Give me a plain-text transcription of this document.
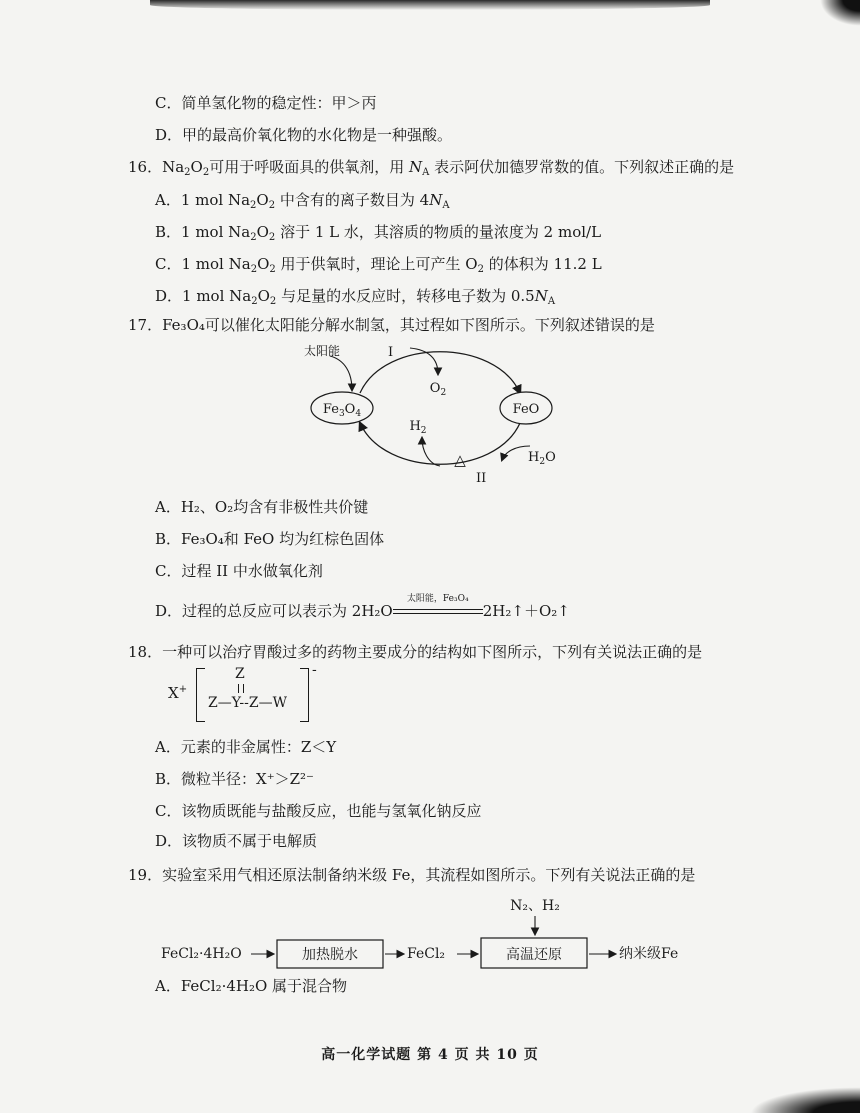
C．简单氢化物的稳定性：甲＞丙
D．甲的最高价氧化物的水化物是一种强酸。
16．$Na_2O_2$可用于呼吸面具的供氧剂，用 $N_A$ 表示阿伏加德罗常数的值。下列叙述正确的是
A．1 mol $Na_2O_2$ 中含有的离子数目为 $4N_A$
B．1 mol $Na_2O_2$ 溶于 1 L 水，其溶质的物质的量浓度为 2 mol/L
C．1 mol $Na_2O_2$ 用于供氧时，理论上可产生 $O_2$ 的体积为 11.2 L
D．1 mol $Na_2O_2$ 与足量的水反应时，转移电子数为 $0.5N_A$
17．Fe₃O₄可以催化太阳能分解水制氢，其过程如下图所示。下列叙述错误的是
$Fe_3O_4$	FeO
太阳能	I
$O_2$
$H_2$
△	$H_2O$
II
A．H₂、O₂均含有非极性共价键
B．Fe₃O₄和 FeO 均为红棕色固体
C．过程 II 中水做氧化剂
D．过程的总反应可以表示为 2H₂O
太阳能，Fe₃O₄
2H₂↑＋O₂↑
18．一种可以治疗胃酸过多的药物主要成分的结构如下图所示，下列有关说法正确的是
X+
Z
Z—Y--Z—W
-
A．元素的非金属性：Z＜Y
B．微粒半径：X⁺＞Z²⁻
C．该物质既能与盐酸反应，也能与氢氧化钠反应
D．该物质不属于电解质
19．实验室采用气相还原法制备纳米级 Fe，其流程如图所示。下列有关说法正确的是
N₂、H₂
FeCl₂·4H₂O	加热脱水	FeCl₂	高温还原	纳米级Fe
A．FeCl₂·4H₂O 属于混合物
高一化学试题 第 4 页 共 10 页
